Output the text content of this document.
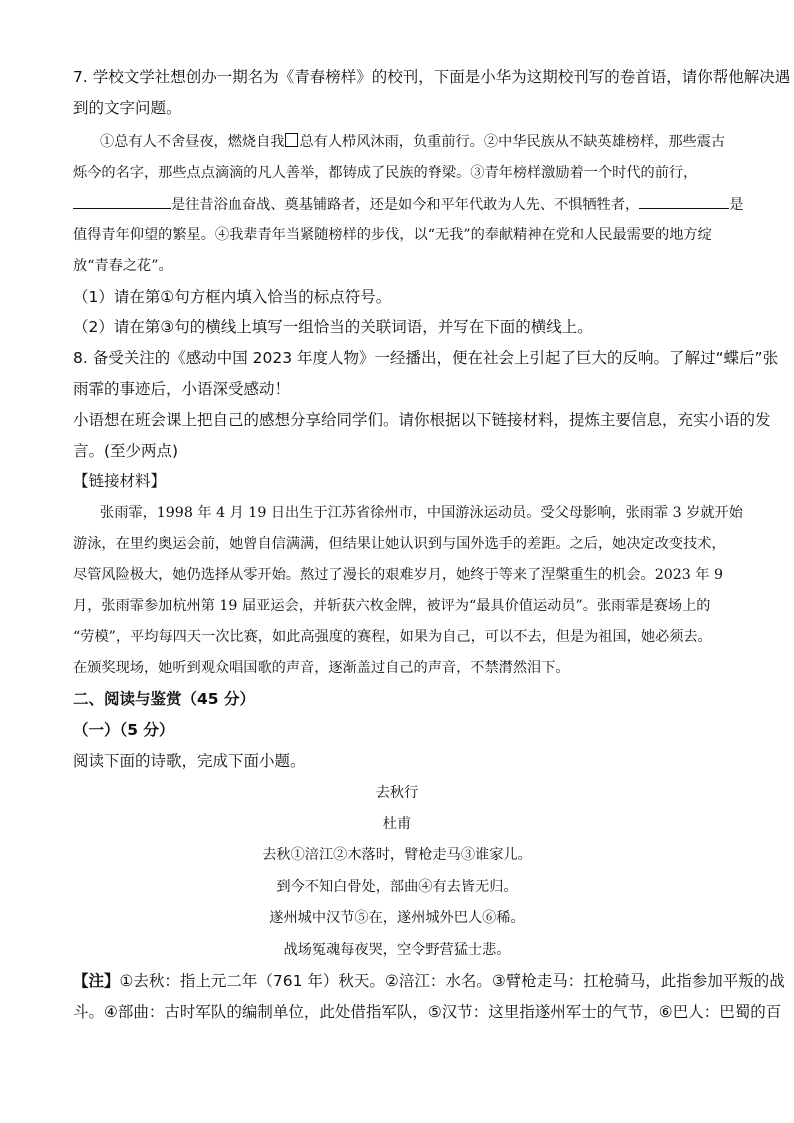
7. 学校文学社想创办一期名为《青春榜样》的校刊，下面是小华为这期校刊写的卷首语，请你帮他解决遇
到的文字问题。
①总有人不舍昼夜，燃烧自我 总有人栉风沐雨，负重前行。②中华民族从不缺英雄榜样，那些震古
烁今的名字，那些点点滴滴的凡人善举，都铸成了民族的脊梁。③青年榜样激励着一个时代的前行，
是往昔浴血奋战、奠基铺路者，还是如今和平年代敢为人先、不惧牺牲者，	是
值得青年仰望的繁星。④我辈青年当紧随榜样的步伐，以“无我”的奉献精神在党和人民最需要的地方绽
放“青春之花”。
（1）请在第①句方框内填入恰当的标点符号。
（2）请在第③句的横线上填写一组恰当的关联词语，并写在下面的横线上。
8. 备受关注的《感动中国 2023 年度人物》一经播出，便在社会上引起了巨大的反响。了解过“蝶后”张
雨霏的事迹后，小语深受感动！
小语想在班会课上把自己的感想分享给同学们。请你根据以下链接材料，提炼主要信息，充实小语的发
言。(至少两点)
【链接材料】
张雨霏，1998 年 4 月 19 日出生于江苏省徐州市，中国游泳运动员。受父母影响，张雨霏 3 岁就开始
游泳，在里约奥运会前，她曾自信满满，但结果让她认识到与国外选手的差距。之后，她决定改变技术，
尽管风险极大，她仍选择从零开始。熬过了漫长的艰难岁月，她终于等来了涅槃重生的机会。2023 年 9
月，张雨霏参加杭州第 19 届亚运会，并斩获六枚金牌，被评为“最具价值运动员”。张雨霏是赛场上的
“劳模”，平均每四天一次比赛，如此高强度的赛程，如果为自己，可以不去，但是为祖国，她必须去。
在颁奖现场，她听到观众唱国歌的声音，逐渐盖过自己的声音，不禁潸然泪下。
二、阅读与鉴赏（45 分）
（一）（5 分）
阅读下面的诗歌，完成下面小题。
去秋行
杜甫
去秋①涪江②木落时，臂枪走马③谁家儿。
到今不知白骨处，部曲④有去皆无归。
遂州城中汉节⑤在，遂州城外巴人⑥稀。
战场冤魂每夜哭，空令野营猛士悲。
【注】①去秋：指上元二年（761 年）秋天。②涪江：水名。③臂枪走马：扛枪骑马，此指参加平叛的战
斗。④部曲：古时军队的编制单位，此处借指军队，⑤汉节：这里指遂州军士的气节，⑥巴人：巴蜀的百
